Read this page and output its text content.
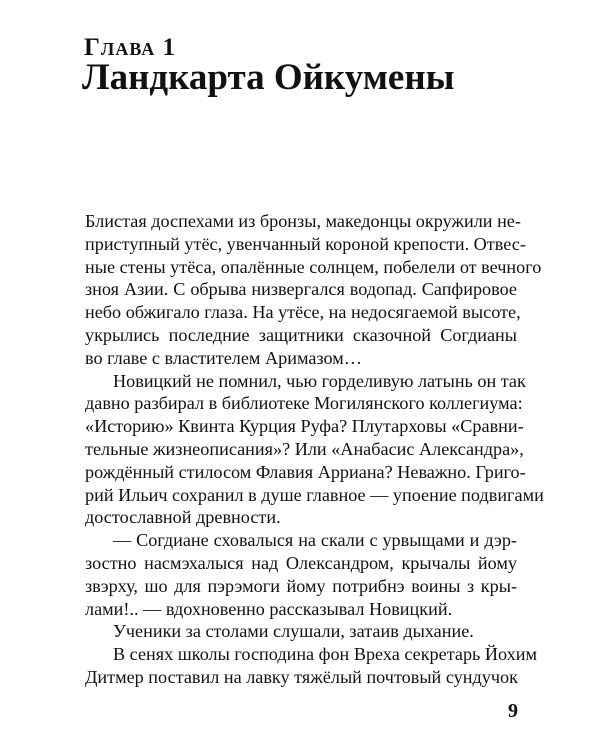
Глава 1
Ландкарта Ойкумены
Блистая доспехами из бронзы, македонцы окружили не-
приступный утёс, увенчанный короной крепости. Отвес-
ные стены утёса, опалённые солнцем, побелели от вечного
зноя Азии. С обрыва низвергался водопад. Сапфировое
небо обжигало глаза. На утёсе, на недосягаемой высоте,
укрылись последние защитники сказочной Согдианы
во главе с властителем Аримазом…
Новицкий не помнил, чью горделивую латынь он так
давно разбирал в библиотеке Могилянского коллегиума:
«Историю» Квинта Курция Руфа? Плутарховы «Сравни-
тельные жизнеописания»? Или «Анабасис Александра»,
рождённый стилосом Флавия Арриана? Неважно. Григо-
рий Ильич сохранил в душе главное — упоение подвигами
достославной древности.
— Согдиане сховалыся на скали с урвыщами и дэр-
зостно насмэхалыся над Олександром, крычалы йому
звэрху, шо для пэрэмоги йому потрибнэ воины з кры-
лами!.. — вдохновенно рассказывал Новицкий.
Ученики за столами слушали, затаив дыхание.
В сенях школы господина фон Вреха секретарь Йохим
Дитмер поставил на лавку тяжёлый почтовый сундучок
9
